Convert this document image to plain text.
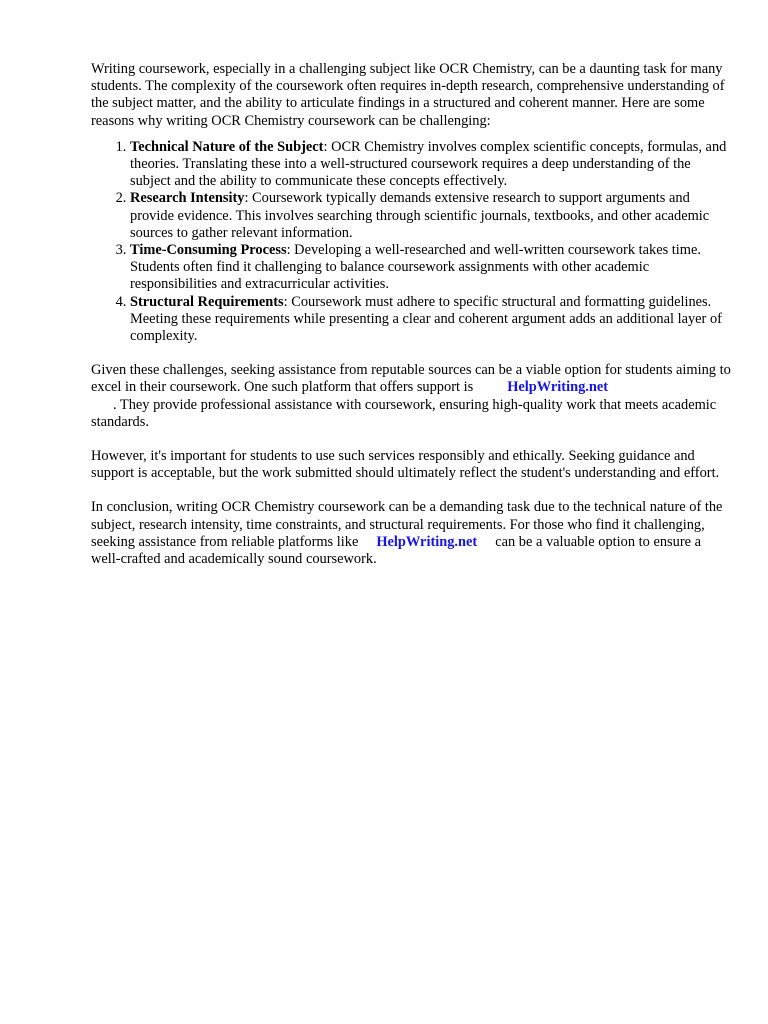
Writing coursework, especially in a challenging subject like OCR Chemistry, can be a daunting task for many students. The complexity of the coursework often requires in-depth research, comprehensive understanding of the subject matter, and the ability to articulate findings in a structured and coherent manner. Here are some reasons why writing OCR Chemistry coursework can be challenging:

1. Technical Nature of the Subject: OCR Chemistry involves complex scientific concepts, formulas, and theories. Translating these into a well-structured coursework requires a deep understanding of the subject and the ability to communicate these concepts effectively.
2. Research Intensity: Coursework typically demands extensive research to support arguments and provide evidence. This involves searching through scientific journals, textbooks, and other academic sources to gather relevant information.
3. Time-Consuming Process: Developing a well-researched and well-written coursework takes time. Students often find it challenging to balance coursework assignments with other academic responsibilities and extracurricular activities.
4. Structural Requirements: Coursework must adhere to specific structural and formatting guidelines. Meeting these requirements while presenting a clear and coherent argument adds an additional layer of complexity.

Given these challenges, seeking assistance from reputable sources can be a viable option for students aiming to excel in their coursework. One such platform that offers support is HelpWriting.net
. They provide professional assistance with coursework, ensuring high-quality work that meets academic standards.

However, it's important for students to use such services responsibly and ethically. Seeking guidance and support is acceptable, but the work submitted should ultimately reflect the student's understanding and effort.

In conclusion, writing OCR Chemistry coursework can be a demanding task due to the technical nature of the subject, research intensity, time constraints, and structural requirements. For those who find it challenging, seeking assistance from reliable platforms like HelpWriting.net can be a valuable option to ensure a well-crafted and academically sound coursework.
